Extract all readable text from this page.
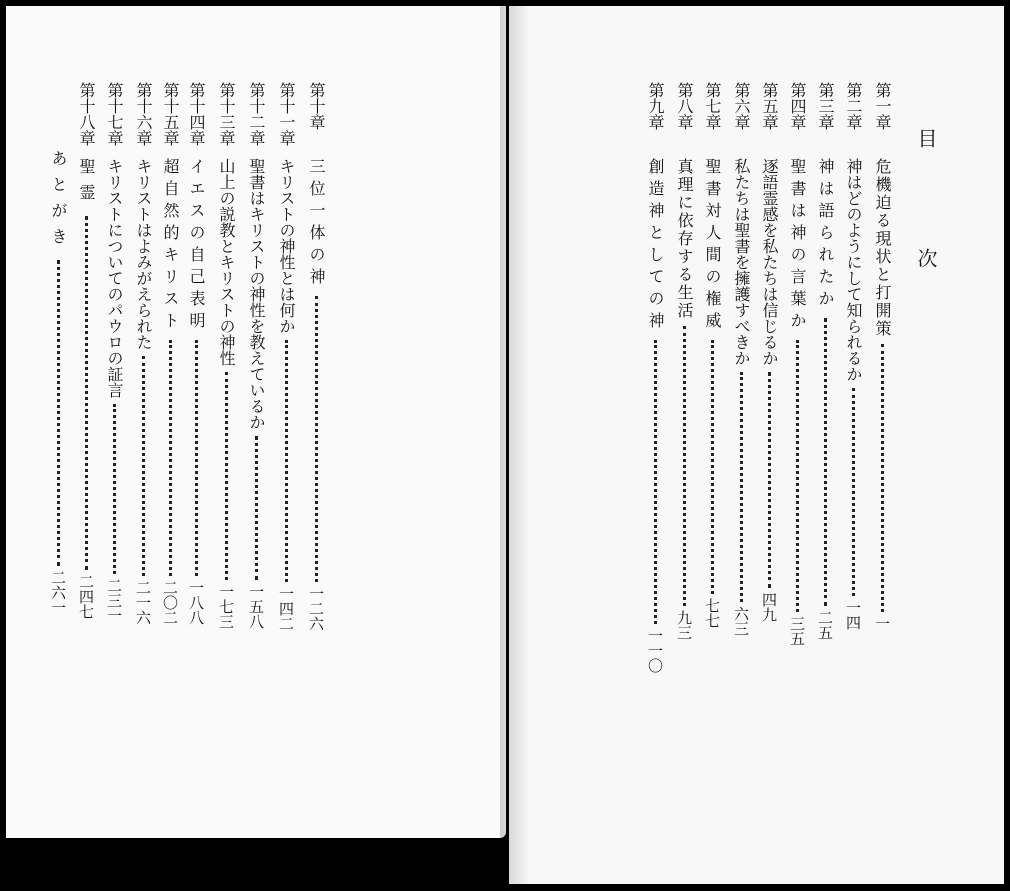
目　次
第一章
危機迫る現状と打開策
一
第二章
神はどのようにして知られるか
一四
第三章
神は語られたか
二五
第四章
聖書は神の言葉か
三五
第五章
逐語霊感を私たちは信じるか
四九
第六章
私たちは聖書を擁護すべきか
六三
第七章
聖書対人間の権威
七七
第八章
真理に依存する生活
九三
第九章
創造神としての神
一一〇
第十章
三位一体の神
一二六
第十一章
キリストの神性とは何か
一四二
第十二章
聖書はキリストの神性を教えているか
一五八
第十三章
山上の説教とキリストの神性
一七三
第十四章
イエスの自己表明
一八八
第十五章
超自然的キリスト
二〇二
第十六章
キリストはよみがえられた
二一六
第十七章
キリストについてのパウロの証言
二三一
第十八章
聖霊
二四七
あとがき
二六一
